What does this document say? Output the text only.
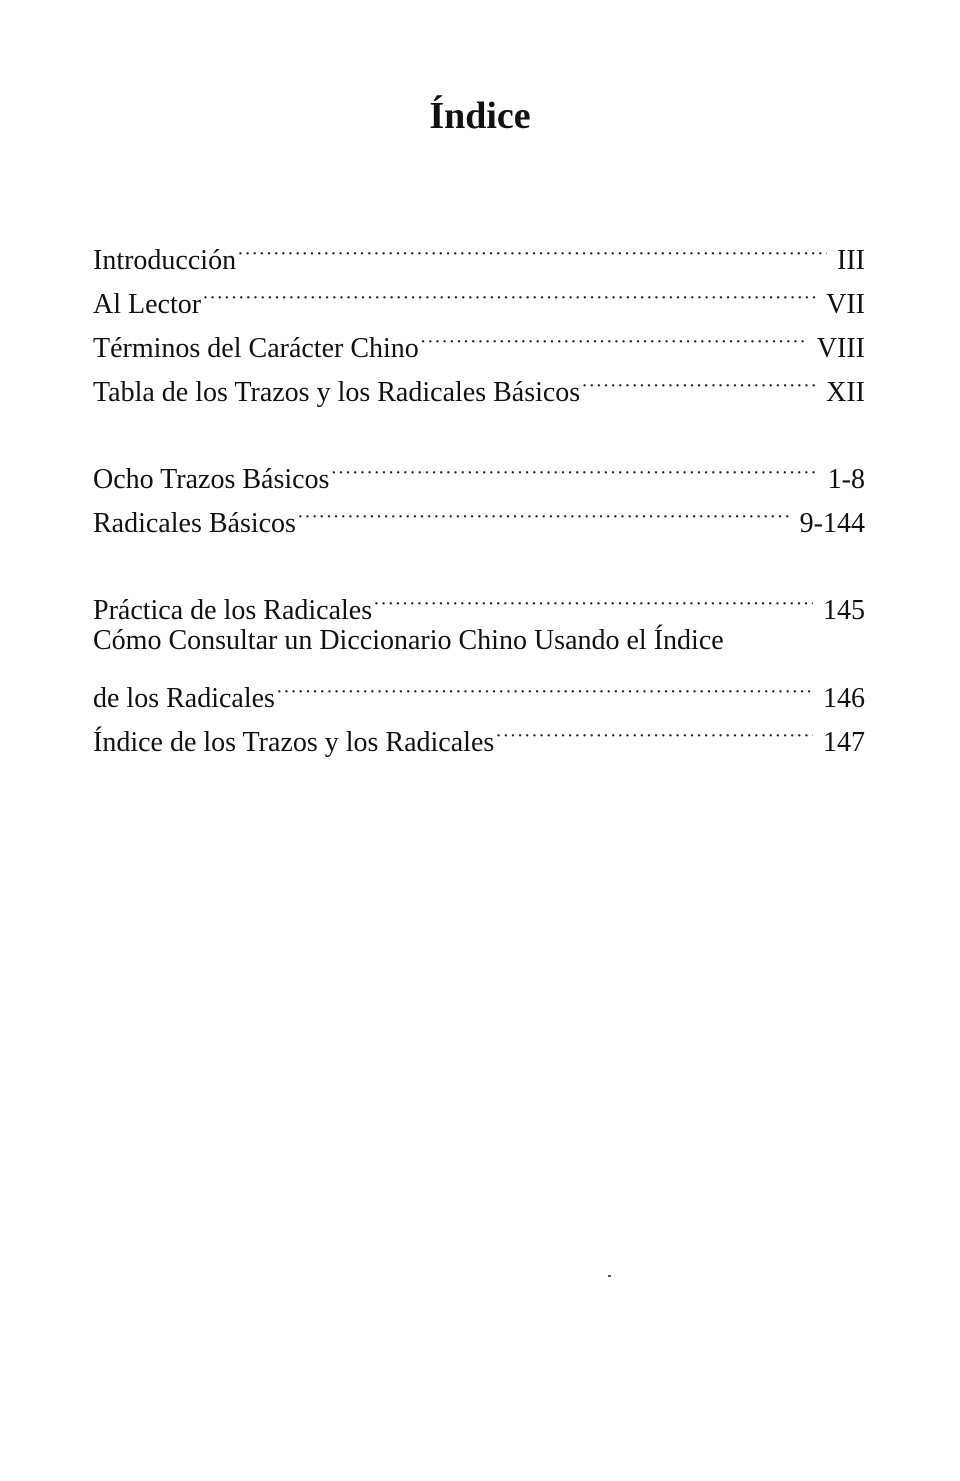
Índice
Introducción ·····	III
Al Lector ·····	VII
Términos del Carácter Chino ·····	VIII
Tabla de los Trazos y los Radicales Básicos ·····	XII
Ocho Trazos Básicos ·····	1-8
Radicales Básicos ·····	9-144
Práctica de los Radicales ·····	145
Cómo Consultar un Diccionario Chino Usando el Índice
de los Radicales ·····	146
Índice de los Trazos y los Radicales ·····	147
